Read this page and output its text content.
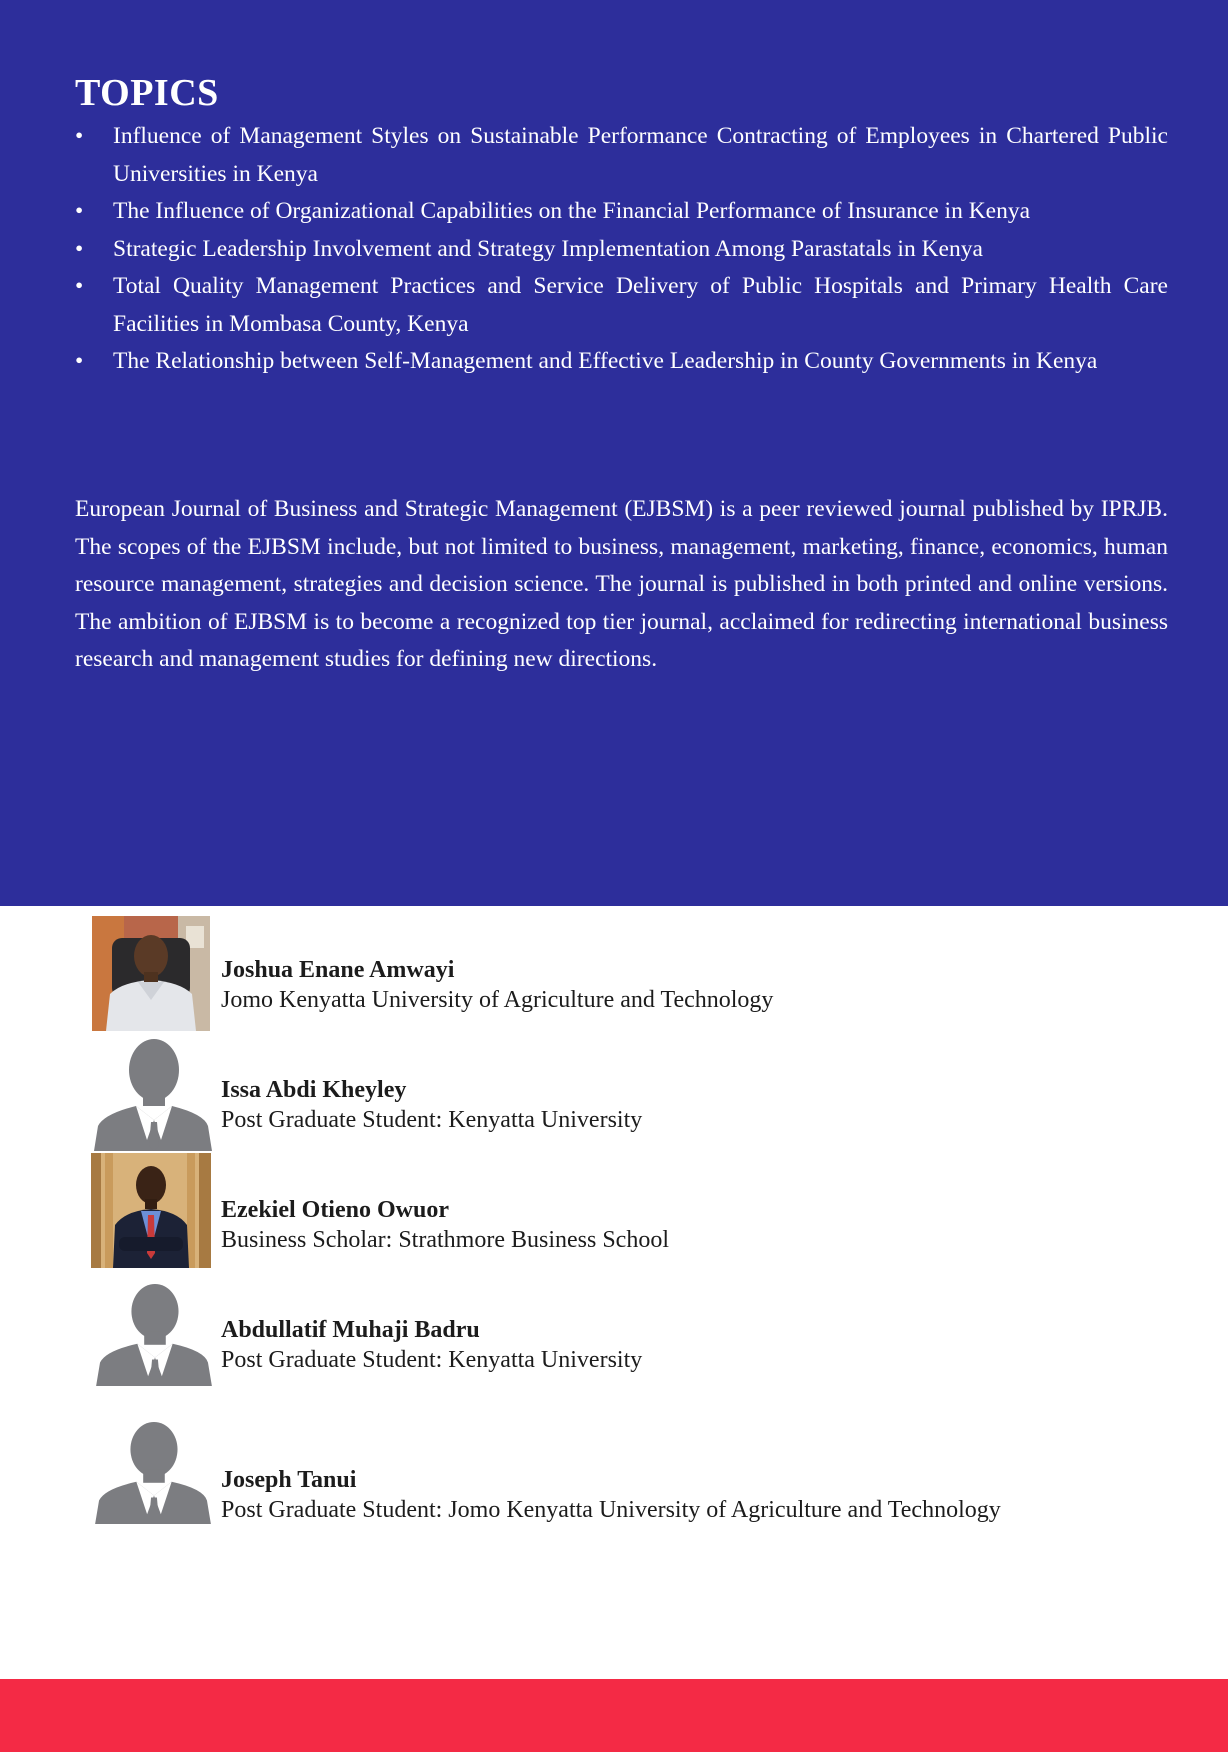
TOPICS
•	Influence of Management Styles on Sustainable Performance Contracting of Employees in Chartered Public Universities in Kenya
•	The Influence of Organizational Capabilities on the Financial Performance of Insurance in Kenya
•	Strategic Leadership Involvement and Strategy Implementation Among Parastatals in Kenya
•	Total Quality Management Practices and Service Delivery of Public Hospitals and Primary Health Care Facilities in Mombasa County, Kenya
•	The Relationship between Self-Management and Effective Leadership in County Governments in Kenya

European Journal of Business and Strategic Management (EJBSM) is a peer reviewed journal published by IPRJB. The scopes of the EJBSM include, but not limited to business, management, marketing, finance, economics, human resource management, strategies and decision science. The journal is published in both printed and online versions. The ambition of EJBSM is to become a recognized top tier journal, acclaimed for redirecting international business research and management studies for defining new directions.

Joshua Enane Amwayi
Jomo Kenyatta University of Agriculture and Technology
Issa Abdi Kheyley
Post Graduate Student: Kenyatta University
Ezekiel Otieno Owuor
Business Scholar: Strathmore Business School
Abdullatif Muhaji Badru
Post Graduate Student: Kenyatta University
Joseph Tanui
Post Graduate Student: Jomo Kenyatta University of Agriculture and Technology
